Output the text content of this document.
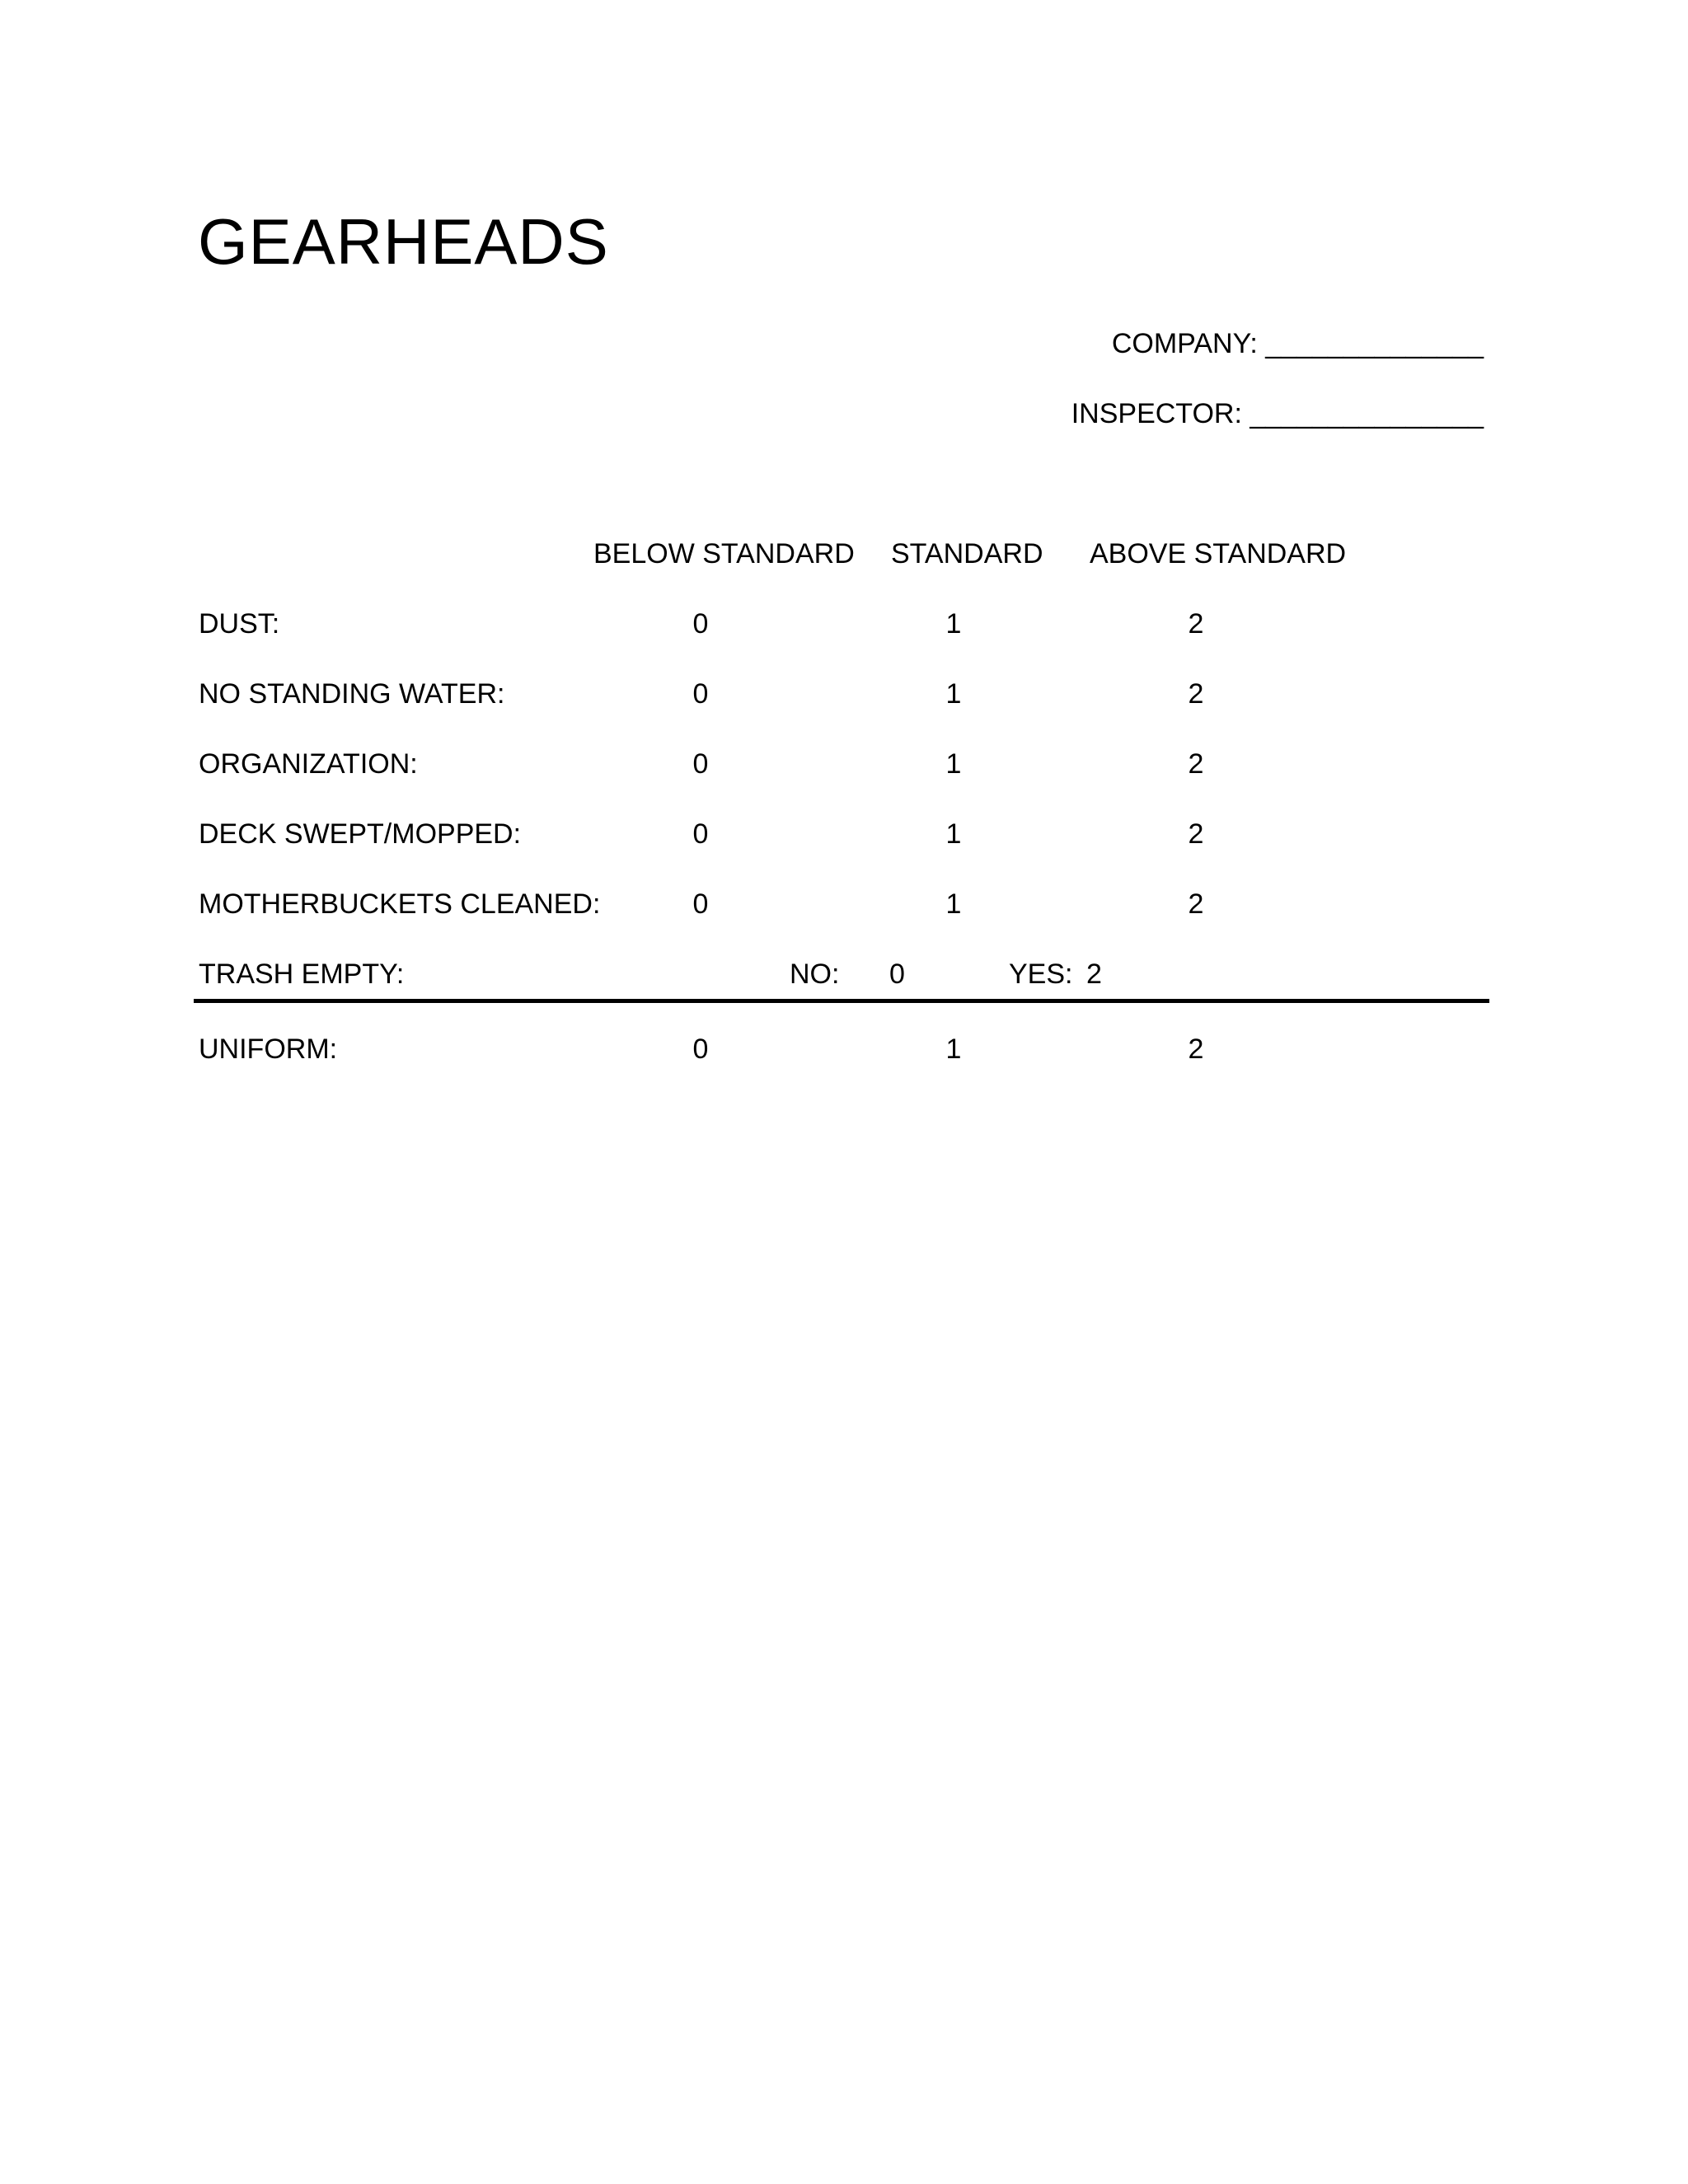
GEARHEADS
COMPANY: ______________
INSPECTOR: _______________
BELOW STANDARD STANDARD ABOVE STANDARD
DUST:	0	1	2
NO STANDING WATER:	0	1	2
ORGANIZATION:	0	1	2
DECK SWEPT/MOPPED:	0	1	2
MOTHERBUCKETS CLEANED:	0	1	2
TRASH EMPTY:	NO: 0	YES: 2
UNIFORM:	0	1	2
